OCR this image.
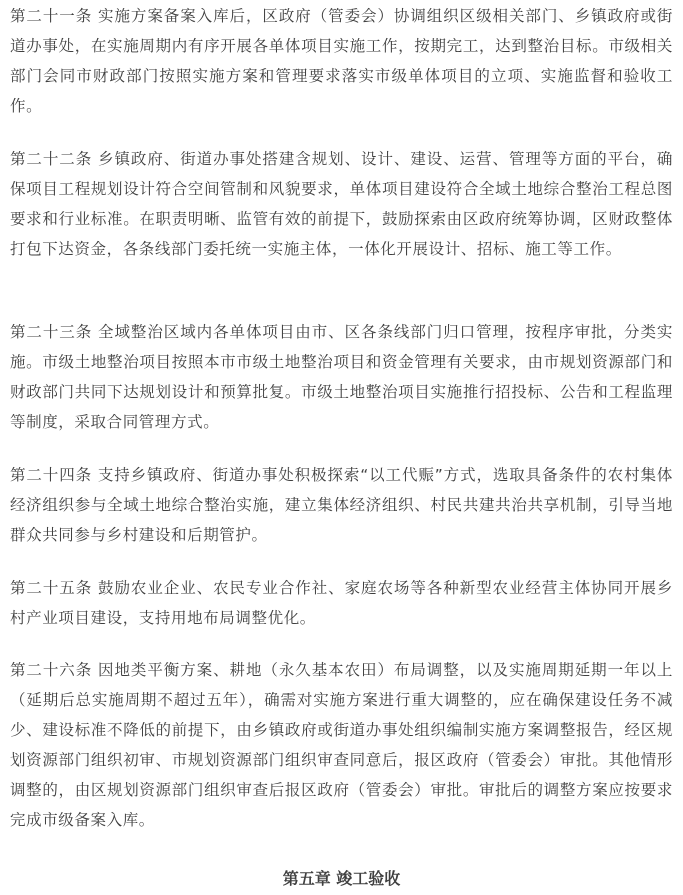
第二十一条 实施方案备案入库后，区政府（管委会）协调组织区级相关部门、乡镇政府或街道办事处，在实施周期内有序开展各单体项目实施工作，按期完工，达到整治目标。市级相关部门会同市财政部门按照实施方案和管理要求落实市级单体项目的立项、实施监督和验收工作。

第二十二条 乡镇政府、街道办事处搭建含规划、设计、建设、运营、管理等方面的平台，确保项目工程规划设计符合空间管制和风貌要求，单体项目建设符合全域土地综合整治工程总图要求和行业标准。在职责明晰、监管有效的前提下，鼓励探索由区政府统筹协调，区财政整体打包下达资金，各条线部门委托统一实施主体，一体化开展设计、招标、施工等工作。

第二十三条 全域整治区域内各单体项目由市、区各条线部门归口管理，按程序审批，分类实施。市级土地整治项目按照本市市级土地整治项目和资金管理有关要求，由市规划资源部门和财政部门共同下达规划设计和预算批复。市级土地整治项目实施推行招投标、公告和工程监理等制度，采取合同管理方式。

第二十四条 支持乡镇政府、街道办事处积极探索“以工代赈”方式，选取具备条件的农村集体经济组织参与全域土地综合整治实施，建立集体经济组织、村民共建共治共享机制，引导当地群众共同参与乡村建设和后期管护。

第二十五条 鼓励农业企业、农民专业合作社、家庭农场等各种新型农业经营主体协同开展乡村产业项目建设，支持用地布局调整优化。

第二十六条 因地类平衡方案、耕地（永久基本农田）布局调整，以及实施周期延期一年以上（延期后总实施周期不超过五年），确需对实施方案进行重大调整的，应在确保建设任务不减少、建设标准不降低的前提下，由乡镇政府或街道办事处组织编制实施方案调整报告，经区规划资源部门组织初审、市规划资源部门组织审查同意后，报区政府（管委会）审批。其他情形调整的，由区规划资源部门组织审查后报区政府（管委会）审批。审批后的调整方案应按要求完成市级备案入库。

第五章 竣工验收
